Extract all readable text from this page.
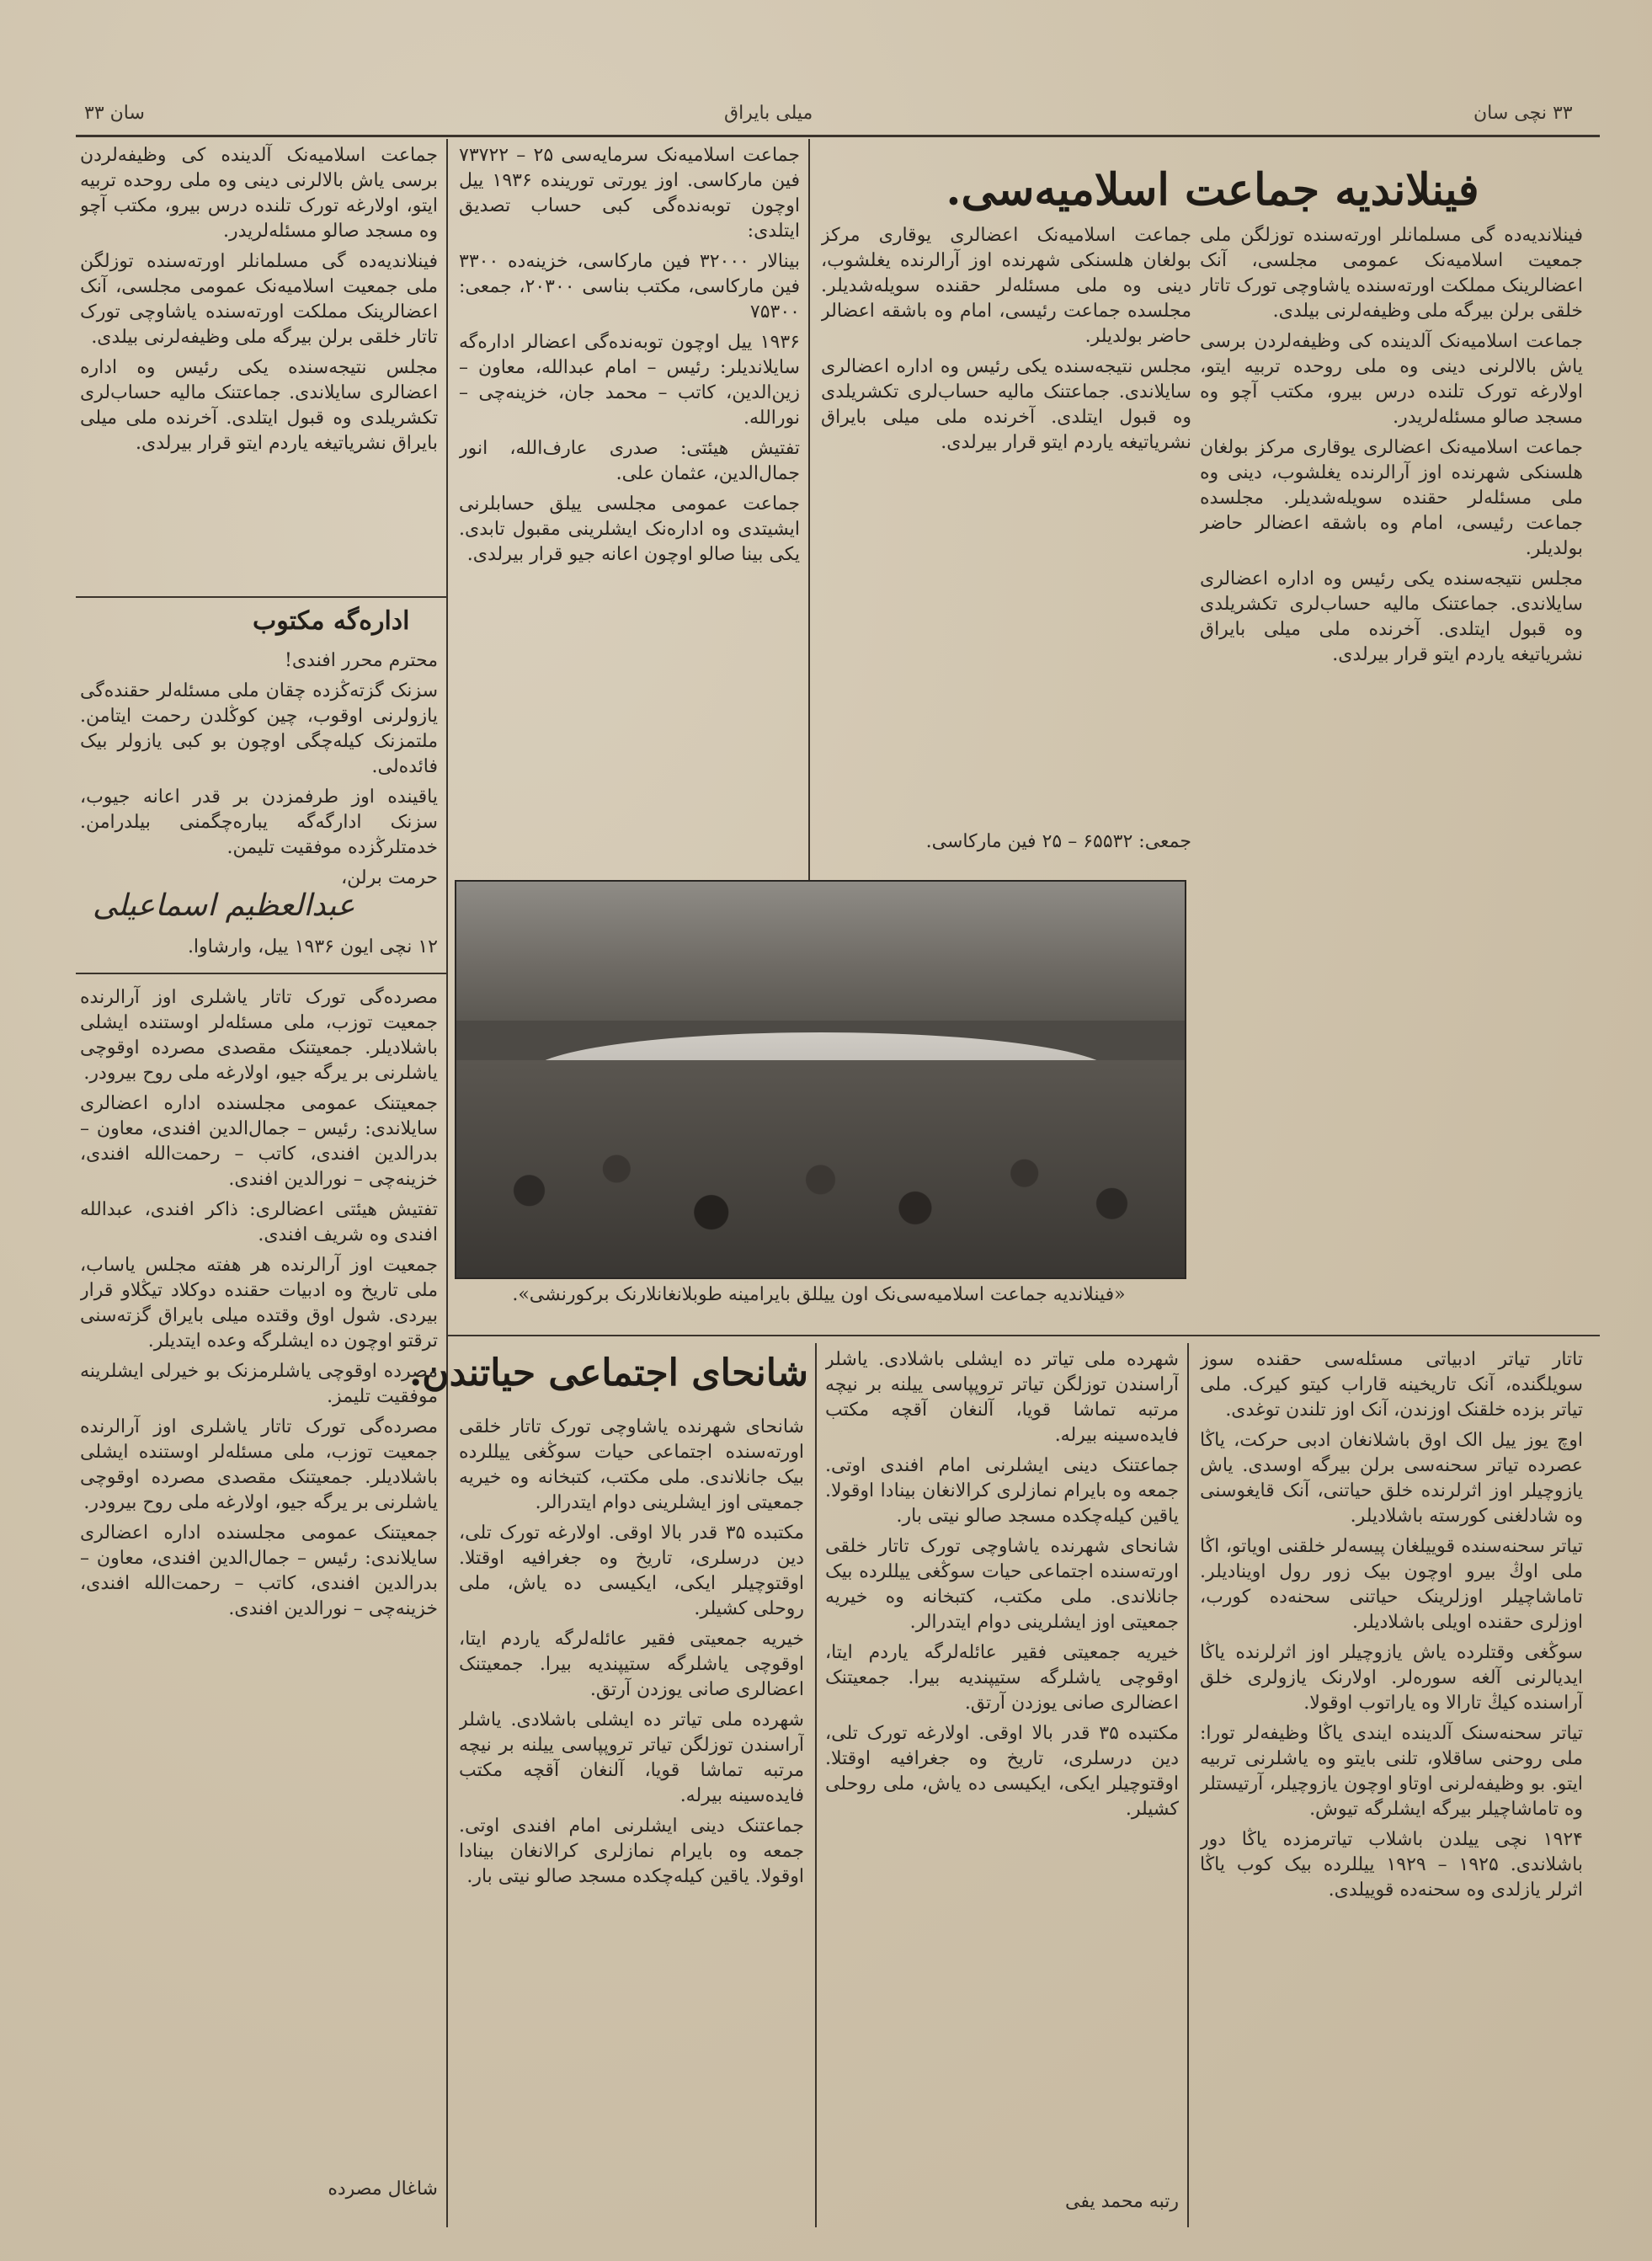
سان ۳۳	میلی بایراق	۳۳ نچی سان
فینلاندیه جماعت اسلامیه‌سی.

جماعت اسلامیه‌نک اعضالری یوقاری مرکز بولغان هلسنکی شهرنده اوز آرالرنده یغلشوب، دینی وه ملی مسئله‌لر حقنده سویله‌شدیلر. مجلسده جماعت رئیسی، امام وه باشقه اعضالر حاضر بولدیلر.

مجلس نتیجه‌سنده یکی رئیس وه اداره اعضالری سایلاندی. جماعتنک مالیه حساب‌لری تکشریلدی وه قبول ایتلدی. آخرنده ملی میلی بایراق نشریاتیغه یاردم ایتو قرار بیرلدی.

فینلاندیه‌ده گی مسلمانلر اورته‌سنده توزلگن ملی جمعیت اسلامیه‌نک عمومی مجلسی، آنک اعضالرینک مملکت اورته‌سنده یاشاوچی تورک تاتار خلقی برلن بیرگه ملی وظیفه‌لرنی بیلدی.

جماعت اسلامیه‌نک آلدینده کی وظیفه‌لردن برسی یاش بالالرنی دینی وه ملی روحده تربیه ایتو، اولارغه تورک تلنده درس بیرو، مکتب آچو وه مسجد صالو مسئله‌لریدر.

جماعت اسلامیه‌نک اعضالری یوقاری مرکز بولغان هلسنکی شهرنده اوز آرالرنده یغلشوب، دینی وه ملی مسئله‌لر حقنده سویله‌شدیلر. مجلسده جماعت رئیسی، امام وه باشقه اعضالر حاضر بولدیلر.

مجلس نتیجه‌سنده یکی رئیس وه اداره اعضالری سایلاندی. جماعتنک مالیه حساب‌لری تکشریلدی وه قبول ایتلدی. آخرنده ملی میلی بایراق نشریاتیغه یاردم ایتو قرار بیرلدی.

جماعت اسلامیه‌نک سرمایه‌سی ۲۵ – ۷۳۷۲۲ فین مارکاسی. اوز یورتی تورینده ۱۹۳۶ ییل اوچون توبه‌نده‌گی کبی حساب تصدیق ایتلدی:

بینالار ۳۲۰۰۰ فین مارکاسی، خزینه‌ده ۳۳۰۰ فین مارکاسی، مکتب بناسی ۲۰۳۰۰، جمعی: ۷۵۳۰۰

۱۹۳۶ ییل اوچون توبه‌نده‌گی اعضالر اداره‌گه سایلاندیلر: رئیس – امام عبدالله، معاون – زین‌الدین، کاتب – محمد جان، خزینه‌چی – نورالله.

تفتیش هیئتی: صدری عارف‌الله، انور جمال‌الدین، عثمان علی.

جماعت عمومی مجلسی ییلق حسابلرنی ایشیتدی وه اداره‌نک ایشلرینی مقبول تابدی. یکی بینا صالو اوچون اعانه جیو قرار بیرلدی.

جمعی: ۶۵۵۳۲ – ۲۵ فین مارکاسی.
«فینلاندیه جماعت اسلامیه‌سی‌نک اون ییللق بایرامینه طوبلانغانلارنک برکورنشی».

جماعت اسلامیه‌نک آلدینده کی وظیفه‌لردن برسی یاش بالالرنی دینی وه ملی روحده تربیه ایتو، اولارغه تورک تلنده درس بیرو، مکتب آچو وه مسجد صالو مسئله‌لریدر.

فینلاندیه‌ده گی مسلمانلر اورته‌سنده توزلگن ملی جمعیت اسلامیه‌نک عمومی مجلسی، آنک اعضالرینک مملکت اورته‌سنده یاشاوچی تورک تاتار خلقی برلن بیرگه ملی وظیفه‌لرنی بیلدی.

مجلس نتیجه‌سنده یکی رئیس وه اداره اعضالری سایلاندی. جماعتنک مالیه حساب‌لری تکشریلدی وه قبول ایتلدی. آخرنده ملی میلی بایراق نشریاتیغه یاردم ایتو قرار بیرلدی.

اداره‌گه مکتوب

محترم محرر افندی!

سزنک گزته‌ڭزده چقان ملی مسئله‌لر حقنده‌گی یازولرنی اوقوب، چین کوڭلدن رحمت ایتامن. ملتمزنک کیله‌چگی اوچون بو کبی یازولر بیک فائده‌لی.

یاقینده اوز طرفمزدن بر قدر اعانه جیوب، سزنک ادارگه‌گه یباره‌چگمنی بیلدرامن. خدمتلرڭزده موفقیت تلیمن.

حرمت برلن،

عبدالعظیم اسماعیلی
۱۲ نچی ایون ۱۹۳۶ ییل، وارشاوا.

مصرده‌گی تورک تاتار یاشلری اوز آرالرنده جمعیت توزب، ملی مسئله‌لر اوستنده ایشلی باشلادیلر. جمعیتنک مقصدی مصرده اوقوچی یاشلرنی بر یرگه جیو، اولارغه ملی روح بیرودر.

جمعیتنک عمومی مجلسنده اداره اعضالری سایلاندی: رئیس – جمال‌الدین افندی، معاون – بدرالدین افندی، کاتب – رحمت‌الله افندی، خزینه‌چی – نورالدین افندی.

تفتیش هیئتی اعضالری: ذاکر افندی، عبدالله افندی وه شریف افندی.

جمعیت اوز آرالرنده هر هفته مجلس یاساب، ملی تاریخ وه ادبیات حقنده دوکلاد تیڭلاو قرار بیردی. شول اوق وقتده میلی بایراق گزته‌سنی ترقتو اوچون ده ایشلرگه وعده ایتدیلر.

مصرده اوقوچی یاشلرمزنک بو خیرلی ایشلرینه موفقیت تلیمز.

مصرده‌گی تورک تاتار یاشلری اوز آرالرنده جمعیت توزب، ملی مسئله‌لر اوستنده ایشلی باشلادیلر. جمعیتنک مقصدی مصرده اوقوچی یاشلرنی بر یرگه جیو، اولارغه ملی روح بیرودر.

جمعیتنک عمومی مجلسنده اداره اعضالری سایلاندی: رئیس – جمال‌الدین افندی، معاون – بدرالدین افندی، کاتب – رحمت‌الله افندی، خزینه‌چی – نورالدین افندی.

شاغال مصرده
شانحای اجتماعی حیاتندن.

شانحای شهرنده یاشاوچی تورک تاتار خلقی اورته‌سنده اجتماعی حیات سوڭغی ییللرده بیک جانلاندی. ملی مکتب، کتبخانه وه خیریه جمعیتی اوز ایشلرینی دوام ایتدرالر.

مکتبده ۳۵ قدر بالا اوقی. اولارغه تورک تلی، دین درسلری، تاریخ وه جغرافیه اوقتلا. اوقتوچیلر ایکی، ایکیسی ده یاش، ملی روحلی کشیلر.

خیریه جمعیتی فقیر عائله‌لرگه یاردم ایتا، اوقوچی یاشلرگه ستیپندیه بیرا. جمعیتنک اعضالری صانی یوزدن آرتق.

شهرده ملی تیاتر ده ایشلی باشلادی. یاشلر آراسندن توزلگن تیاتر تروپپاسی ییلنه بر نیچه مرتبه تماشا قویا، آلنغان آقچه مکتب فایده‌سینه بیرله.

جماعتنک دینی ایشلرنی امام افندی اوتی. جمعه وه بایرام نمازلری کرالانغان بینادا اوقولا. یاقین کیله‌چکده مسجد صالو نیتی بار.

شهرده ملی تیاتر ده ایشلی باشلادی. یاشلر آراسندن توزلگن تیاتر تروپپاسی ییلنه بر نیچه مرتبه تماشا قویا، آلنغان آقچه مکتب فایده‌سینه بیرله.

جماعتنک دینی ایشلرنی امام افندی اوتی. جمعه وه بایرام نمازلری کرالانغان بینادا اوقولا. یاقین کیله‌چکده مسجد صالو نیتی بار.

شانحای شهرنده یاشاوچی تورک تاتار خلقی اورته‌سنده اجتماعی حیات سوڭغی ییللرده بیک جانلاندی. ملی مکتب، کتبخانه وه خیریه جمعیتی اوز ایشلرینی دوام ایتدرالر.

خیریه جمعیتی فقیر عائله‌لرگه یاردم ایتا، اوقوچی یاشلرگه ستیپندیه بیرا. جمعیتنک اعضالری صانی یوزدن آرتق.

مکتبده ۳۵ قدر بالا اوقی. اولارغه تورک تلی، دین درسلری، تاریخ وه جغرافیه اوقتلا. اوقتوچیلر ایکی، ایکیسی ده یاش، ملی روحلی کشیلر.

رتبه محمد یفی

تاتار تیاتر ادبیاتی مسئله‌سی حقنده سوز سویلگنده، آنک تاریخینه قاراب کیتو کیرک. ملی تیاتر بزده خلقنک اوزندن، آنک اوز تلندن توغدی.

اوچ یوز ییل الک اوق باشلانغان ادبی حرکت، یاڭا عصرده تیاتر سحنه‌سی برلن بیرگه اوسدی. یاش یازوچیلر اوز اثرلرنده خلق حیاتنی، آنک قایغوسنی وه شادلغنی کورسته باشلادیلر.

تیاتر سحنه‌سنده قوییلغان پیسه‌لر خلقنی اویاتو، اڭا ملی اوڭ بیرو اوچون بیک زور رول اوینادیلر. تاماشاچیلر اوزلرینک حیاتنی سحنه‌ده کورب، اوزلری حقنده اویلی باشلادیلر.

سوڭغی وقتلرده یاش یازوچیلر اوز اثرلرنده یاڭا ایدیالرنی آلغه سوره‌لر. اولارنک یازولری خلق آراسنده کیڭ تارالا وه یاراتوب اوقولا.

تیاتر سحنه‌سنک آلدینده ایندی یاڭا وظیفه‌لر تورا: ملی روحنی ساقلاو، تلنی بایتو وه یاشلرنی تربیه ایتو. بو وظیفه‌لرنی اوتاو اوچون یازوچیلر، آرتیستلر وه تاماشاچیلر بیرگه ایشلرگه تیوش.

۱۹۲۴ نچی ییلدن باشلاب تیاترمزده یاڭا دور باشلاندی. ۱۹۲۵ – ۱۹۲۹ ییللرده بیک کوب یاڭا اثرلر یازلدی وه سحنه‌ده قوییلدی.
